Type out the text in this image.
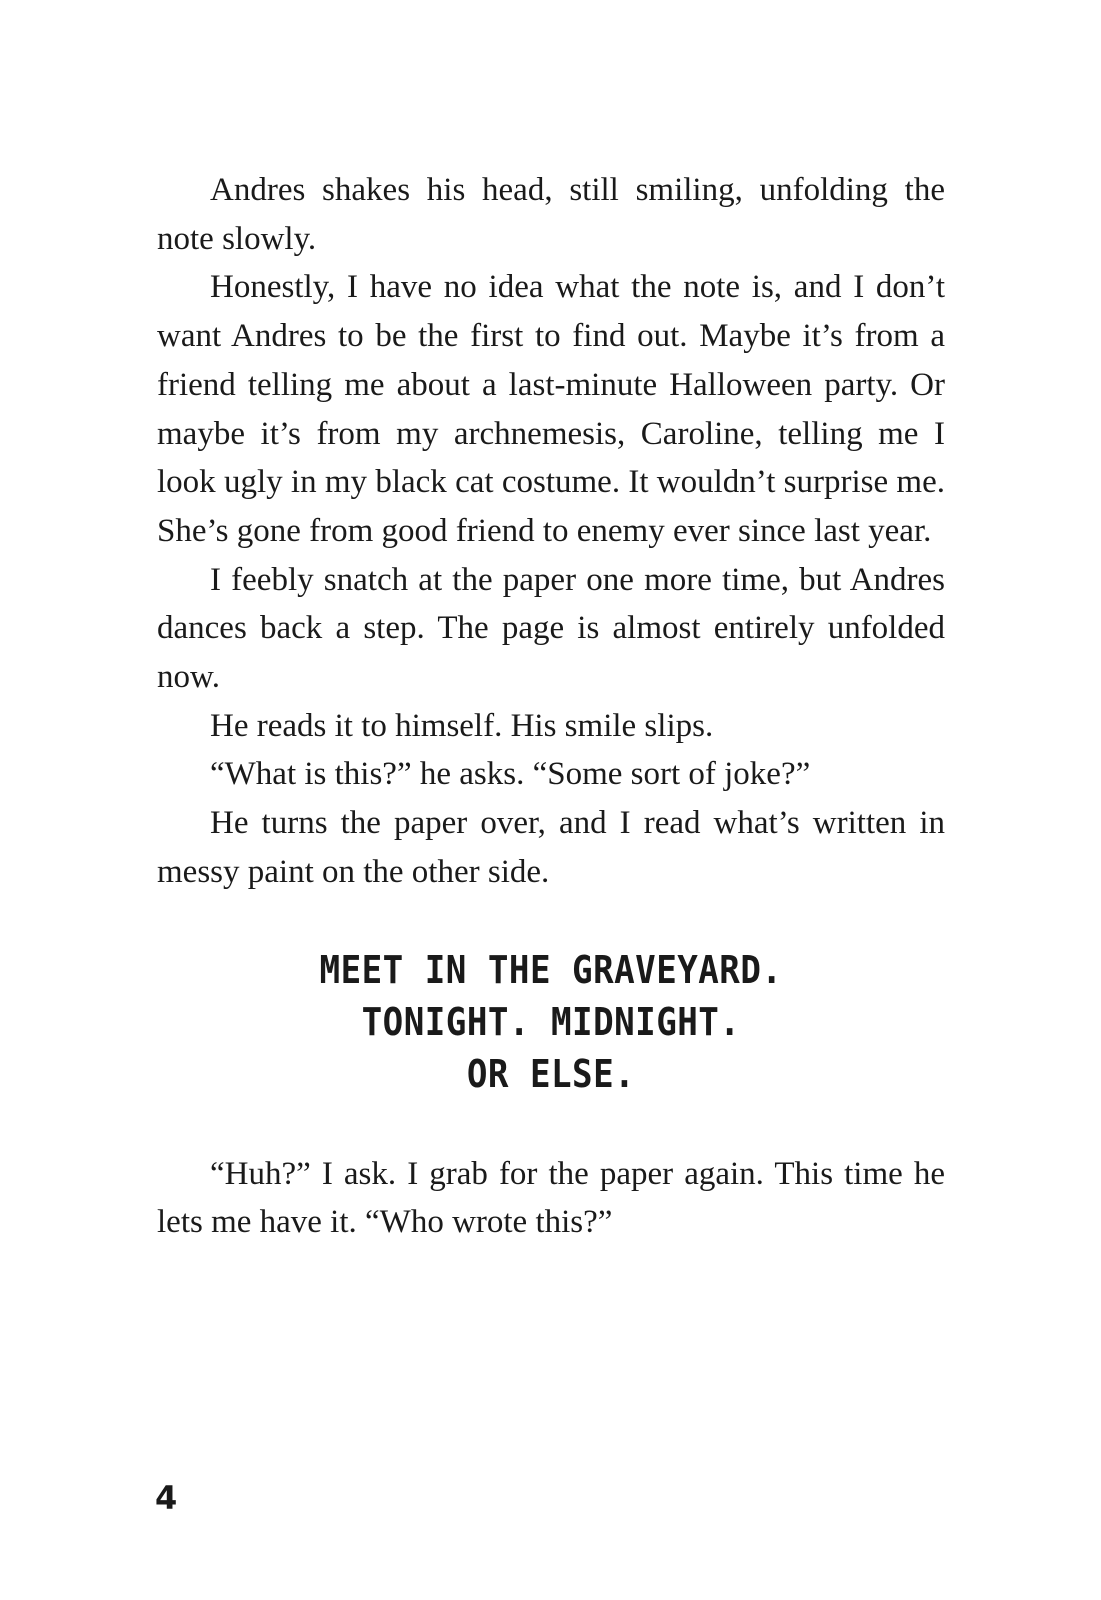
Andres shakes his head, still smiling, unfolding the note slowly.

Honestly, I have no idea what the note is, and I don’t want Andres to be the first to find out. Maybe it’s from a friend telling me about a last-minute Halloween party. Or maybe it’s from my archnemesis, Caroline, telling me I look ugly in my black cat costume. It wouldn’t surprise me. She’s gone from good friend to enemy ever since last year.

I feebly snatch at the paper one more time, but Andres dances back a step. The page is almost entirely unfolded now.

He reads it to himself. His smile slips.

“What is this?” he asks. “Some sort of joke?”

He turns the paper over, and I read what’s written in messy paint on the other side.

MEET IN THE GRAVEYARD.
TONIGHT. MIDNIGHT.
OR ELSE.

“Huh?” I ask. I grab for the paper again. This time he lets me have it. “Who wrote this?”

4
